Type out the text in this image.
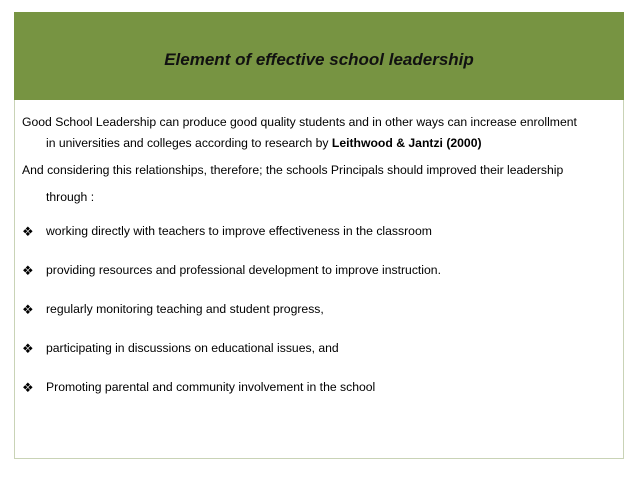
Element of effective school leadership
Good School Leadership can produce good quality students and in other ways can increase enrollment
in universities and colleges according to research by Leithwood & Jantzi (2000)
And considering this relationships, therefore; the schools Principals should improved their leadership
through :
❖	working directly with teachers to improve effectiveness in the classroom
❖	providing resources and professional development to improve instruction.
❖	regularly monitoring teaching and student progress,
❖	participating in discussions on educational issues, and
❖	Promoting parental and community involvement in the school
